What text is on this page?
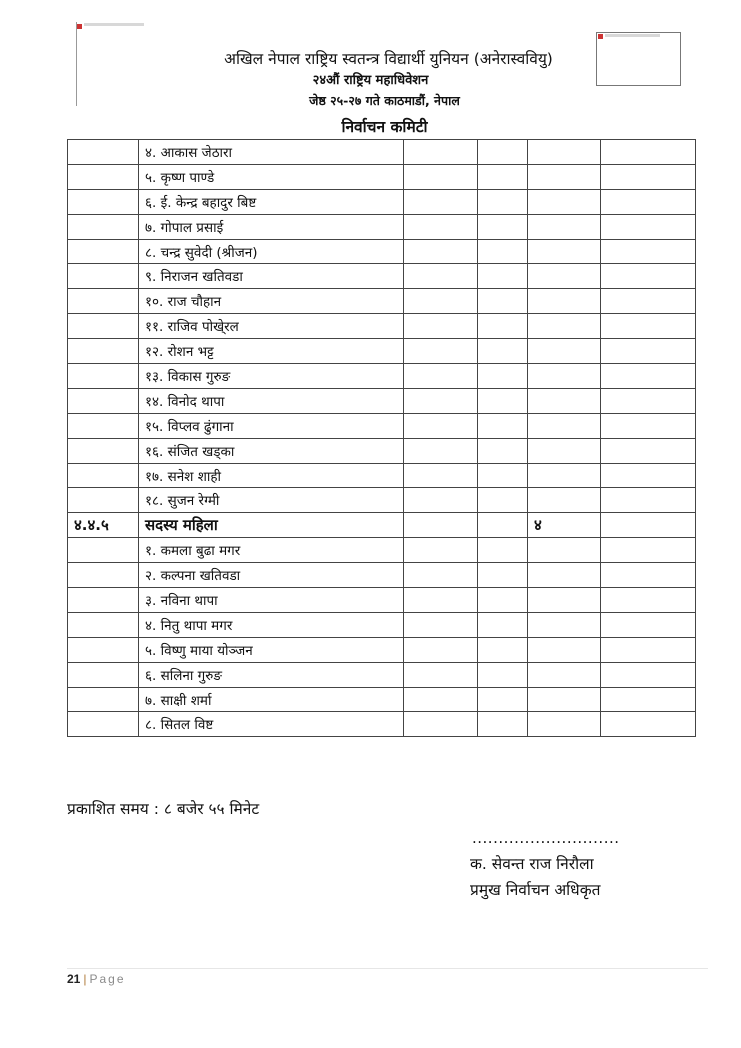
अखिल नेपाल राष्ट्रिय स्वतन्त्र विद्यार्थी युनियन (अनेरास्ववियु)
२४औं राष्ट्रिय महाधिवेशन
जेष्ठ २५-२७ गते काठमाडौं, नेपाल
निर्वाचन कमिटी
	४. आकास जेठारा				
	५. कृष्ण पाण्डे				
	६. ई. केन्द्र बहादुर बिष्ट				
	७. गोपाल प्रसाई				
	८. चन्द्र सुवेदी (श्रीजन)				
	९. निराजन खतिवडा				
	१०. राज चौहान				
	११. राजिव पोखे्रल				
	१२. रोशन भट्ट				
	१३. विकास गुरुङ				
	१४. विनोद थापा				
	१५. विप्लव ढुंगाना				
	१६. संजित खड्का				
	१७. सनेश शाही				
	१८. सुजन रेग्मी				
४.४.५	सदस्य महिला			४	
	१. कमला बुढा मगर				
	२. कल्पना खतिवडा				
	३. नविना थापा				
	४. नितु थापा मगर				
	५. विष्णु माया योञ्जन				
	६. सलिना गुरुङ				
	७. साक्षी शर्मा				
	८. सितल विष्ट				
प्रकाशित समय : ८ बजेर ५५ मिनेट
............................
क. सेवन्त राज निरौला
प्रमुख निर्वाचन अधिकृत
21 | Page
